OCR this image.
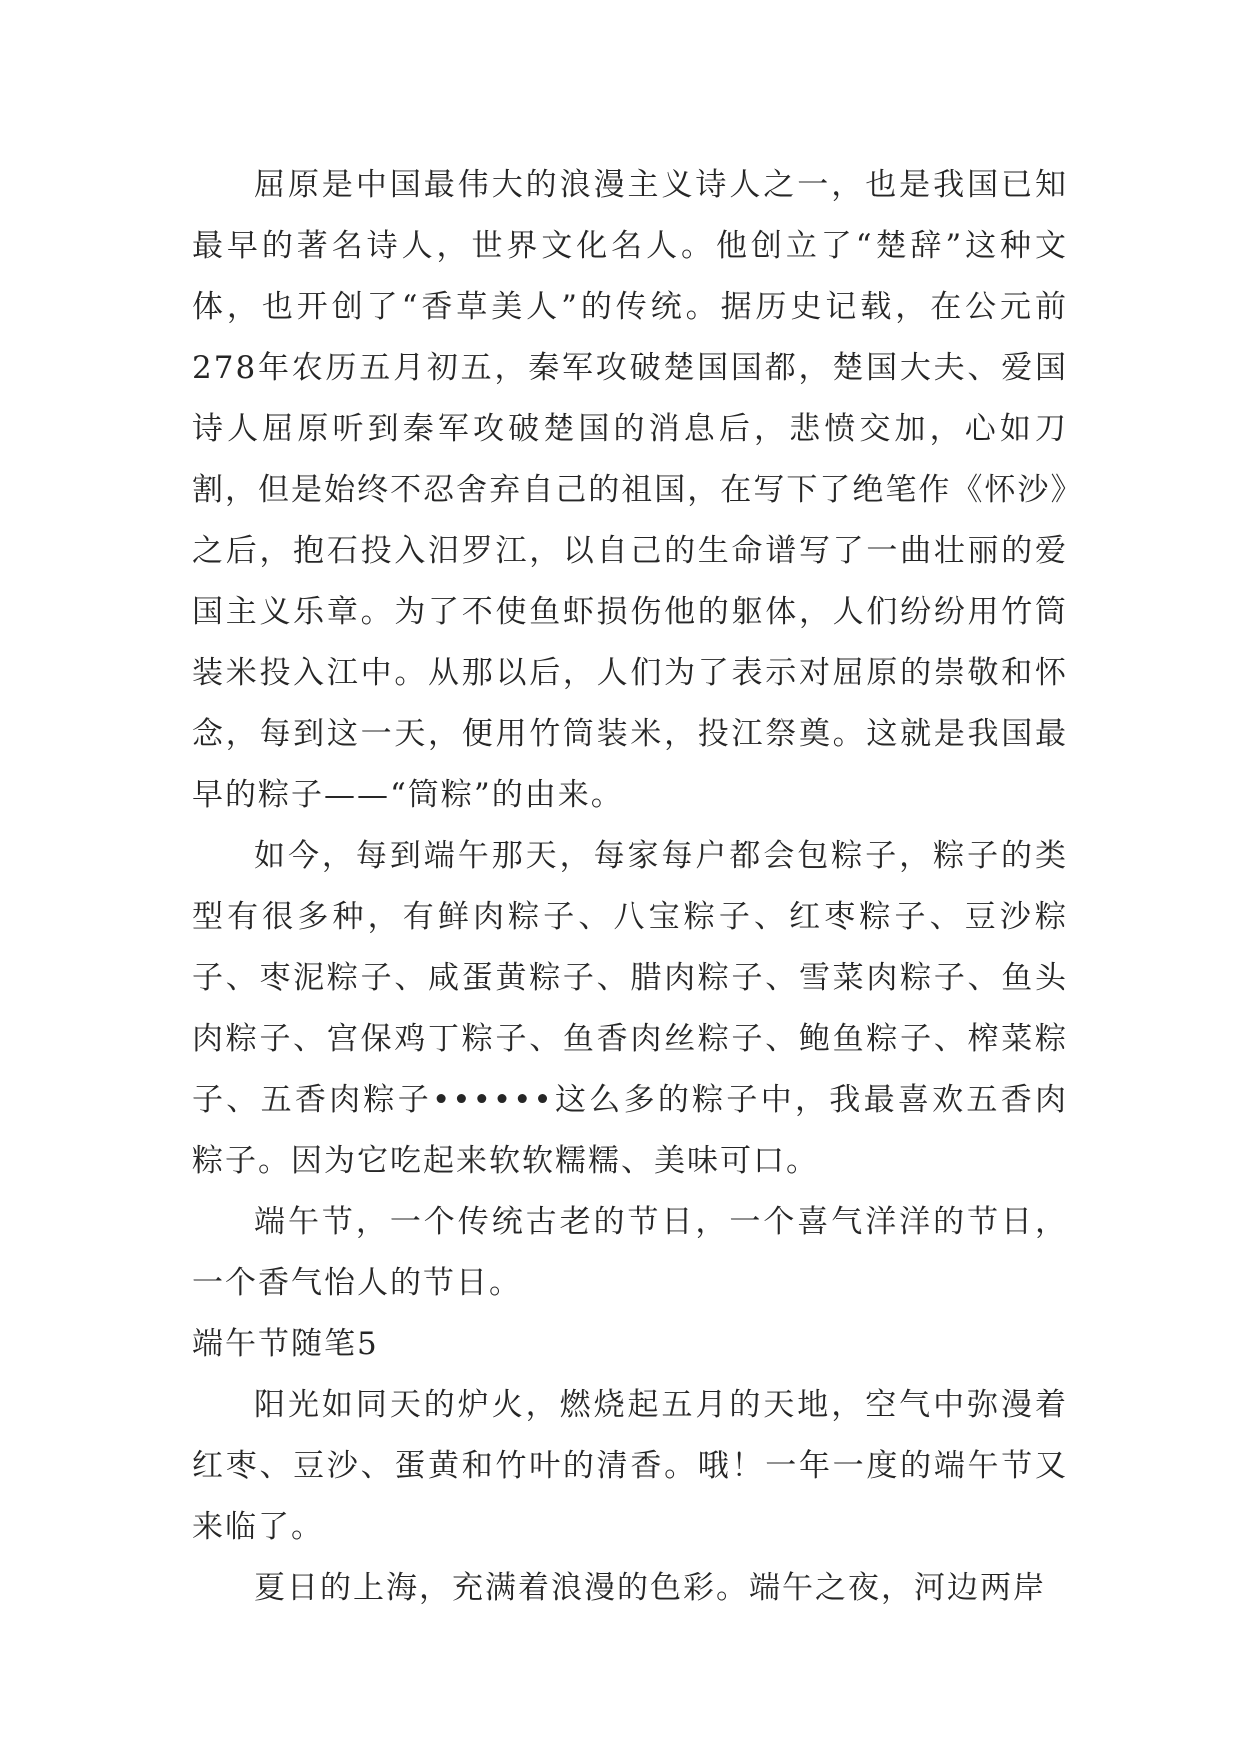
屈原是中国最伟大的浪漫主义诗人之一，也是我国已知最早的著名诗人，世界文化名人。他创立了“楚辞”这种文体，也开创了“香草美人”的传统。据历史记载，在公元前278年农历五月初五，秦军攻破楚国国都，楚国大夫、爱国诗人屈原听到秦军攻破楚国的消息后，悲愤交加，心如刀割，但是始终不忍舍弃自己的祖国，在写下了绝笔作《怀沙》之后，抱石投入汨罗江，以自己的生命谱写了一曲壮丽的爱国主义乐章。为了不使鱼虾损伤他的躯体，人们纷纷用竹筒装米投入江中。从那以后，人们为了表示对屈原的崇敬和怀念，每到这一天，便用竹筒装米，投江祭奠。这就是我国最早的粽子——“筒粽”的由来。

如今，每到端午那天，每家每户都会包粽子，粽子的类型有很多种，有鲜肉粽子、八宝粽子、红枣粽子、豆沙粽子、枣泥粽子、咸蛋黄粽子、腊肉粽子、雪菜肉粽子、鱼头肉粽子、宫保鸡丁粽子、鱼香肉丝粽子、鲍鱼粽子、榨菜粽子、五香肉粽子••••••这么多的粽子中，我最喜欢五香肉粽子。因为它吃起来软软糯糯、美味可口。

端午节，一个传统古老的节日，一个喜气洋洋的节日，一个香气怡人的节日。

端午节随笔5

阳光如同天的炉火，燃烧起五月的天地，空气中弥漫着红枣、豆沙、蛋黄和竹叶的清香。哦！一年一度的端午节又来临了。

夏日的上海，充满着浪漫的色彩。端午之夜，河边两岸
